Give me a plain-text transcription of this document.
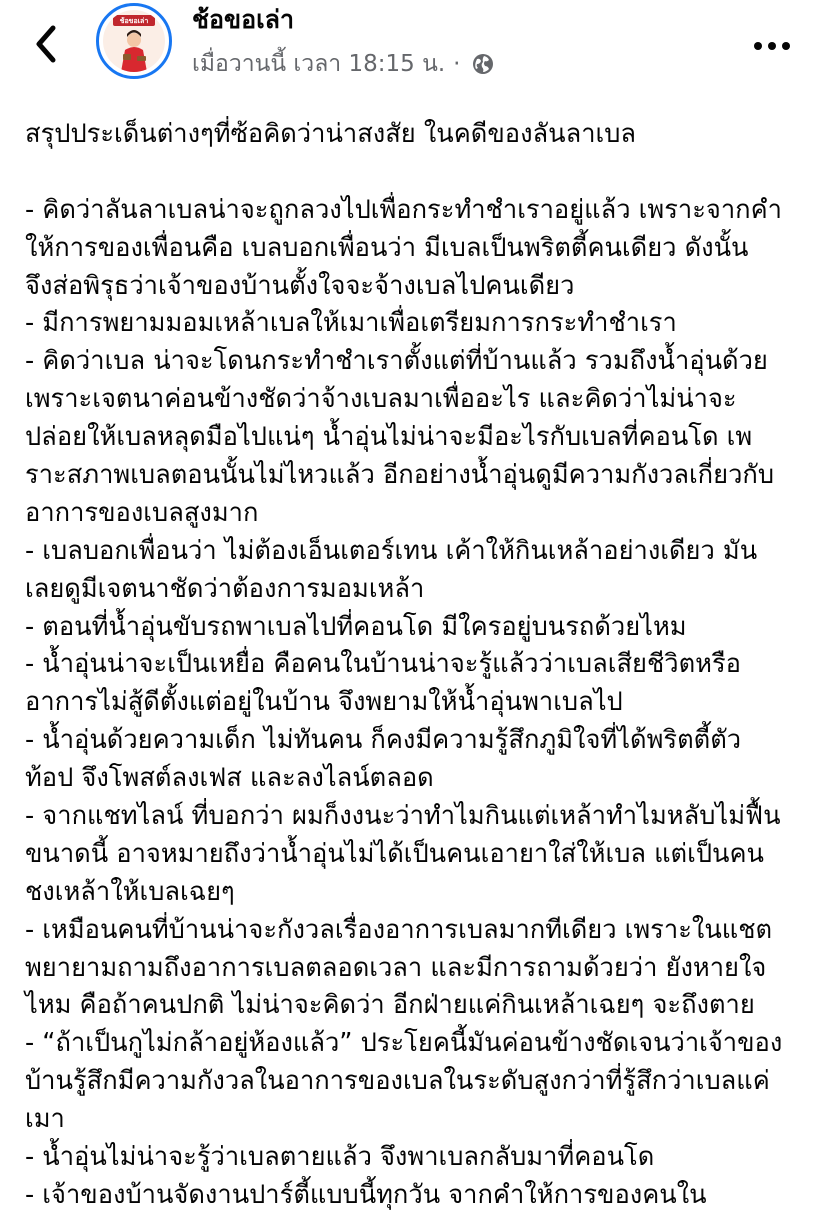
ช้อขอเล่า	ช้อขอเล่า
เมื่อวานนี้ เวลา 18:15 น. ·
สรุปประเด็นต่างๆที่ซ้อคิดว่าน่าสงสัย ในคดีของลันลาเบล
- คิดว่าลันลาเบลน่าจะถูกลวงไปเพื่อกระทำชำเราอยู่แล้ว เพราะจากคำ
ให้การของเพื่อนคือ เบลบอกเพื่อนว่า มีเบลเป็นพริตตี้คนเดียว ดังนั้น
จึงส่อพิรุธว่าเจ้าของบ้านตั้งใจจะจ้างเบลไปคนเดียว
- มีการพยามมอมเหล้าเบลให้เมาเพื่อเตรียมการกระทำชำเรา
- คิดว่าเบล น่าจะโดนกระทำชำเราตั้งแต่ที่บ้านแล้ว รวมถึงน้ำอุ่นด้วย
เพราะเจตนาค่อนข้างชัดว่าจ้างเบลมาเพื่ออะไร และคิดว่าไม่น่าจะ
ปล่อยให้เบลหลุดมือไปแน่ๆ น้ำอุ่นไม่น่าจะมีอะไรกับเบลที่คอนโด เพ
ราะสภาพเบลตอนนั้นไม่ไหวแล้ว อีกอย่างน้ำอุ่นดูมีความกังวลเกี่ยวกับ
อาการของเบลสูงมาก
- เบลบอกเพื่อนว่า ไม่ต้องเอ็นเตอร์เทน เค้าให้กินเหล้าอย่างเดียว มัน
เลยดูมีเจตนาชัดว่าต้องการมอมเหล้า
- ตอนที่น้ำอุ่นขับรถพาเบลไปที่คอนโด มีใครอยู่บนรถด้วยไหม
- น้ำอุ่นน่าจะเป็นเหยื่อ คือคนในบ้านน่าจะรู้แล้วว่าเบลเสียชีวิตหรือ
อาการไม่สู้ดีตั้งแต่อยู่ในบ้าน จึงพยามให้น้ำอุ่นพาเบลไป
- น้ำอุ่นด้วยความเด็ก ไม่ทันคน ก็คงมีความรู้สึกภูมิใจที่ได้พริตตี้ตัว
ท้อป จึงโพสต์ลงเฟส และลงไลน์ตลอด
- จากแชทไลน์ ที่บอกว่า ผมก็งงนะว่าทำไมกินแต่เหล้าทำไมหลับไม่ฟื้น
ขนาดนี้ อาจหมายถึงว่าน้ำอุ่นไม่ได้เป็นคนเอายาใส่ให้เบล แต่เป็นคน
ชงเหล้าให้เบลเฉยๆ
- เหมือนคนที่บ้านน่าจะกังวลเรื่องอาการเบลมากทีเดียว เพราะในแชต
พยายามถามถึงอาการเบลตลอดเวลา และมีการถามด้วยว่า ยังหายใจ
ไหม คือถ้าคนปกติ ไม่น่าจะคิดว่า อีกฝ่ายแค่กินเหล้าเฉยๆ จะถึงตาย
- “ถ้าเป็นกูไม่กล้าอยู่ห้องแล้ว” ประโยคนี้มันค่อนข้างชัดเจนว่าเจ้าของ
บ้านรู้สึกมีความกังวลในอาการของเบลในระดับสูงกว่าที่รู้สึกว่าเบลแค่
เมา
- น้ำอุ่นไม่น่าจะรู้ว่าเบลตายแล้ว จึงพาเบลกลับมาที่คอนโด
- เจ้าของบ้านจัดงานปาร์ตี้แบบนี้ทุกวัน จากคำให้การของคนใน
